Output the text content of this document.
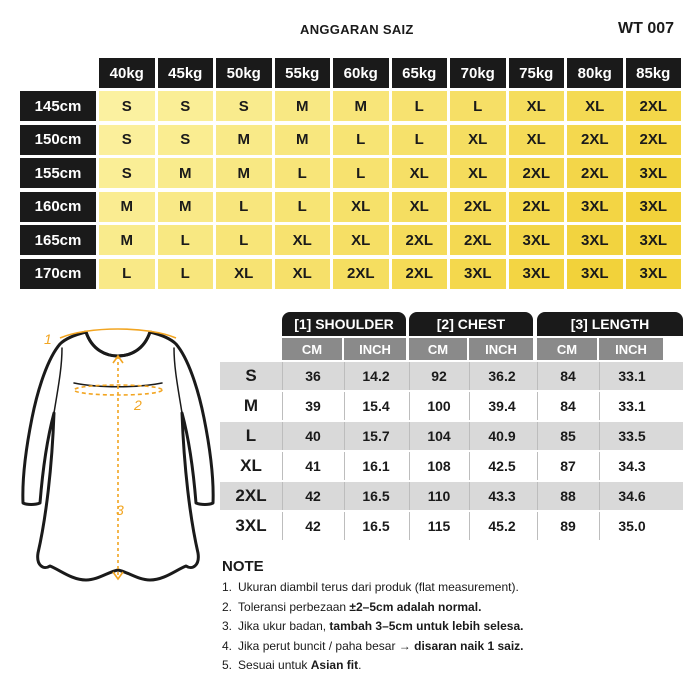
ANGGARAN SAIZ	WT 007
40kg	45kg	50kg	55kg	60kg	65kg	70kg	75kg	80kg	85kg
145cm	S	S	S	M	M	L	L	XL	XL	2XL
150cm	S	S	M	M	L	L	XL	XL	2XL	2XL
155cm	S	M	M	L	L	XL	XL	2XL	2XL	3XL
160cm	M	M	L	L	XL	XL	2XL	2XL	3XL	3XL
165cm	M	L	L	XL	XL	2XL	2XL	3XL	3XL	3XL
170cm	L	L	XL	XL	2XL	2XL	3XL	3XL	3XL	3XL
1
2
3
[1] SHOULDER	[2] CHEST	[3] LENGTH
CM	INCH	CM	INCH	CM	INCH
S	36	14.2	92	36.2	84	33.1
M	39	15.4	100	39.4	84	33.1
L	40	15.7	104	40.9	85	33.5
XL	41	16.1	108	42.5	87	34.3
2XL	42	16.5	110	43.3	88	34.6
3XL	42	16.5	115	45.2	89	35.0
NOTE
1. Ukuran diambil terus dari produk (flat measurement).
2. Toleransi perbezaan ±2–5cm adalah normal.
3. Jika ukur badan, tambah 3–5cm untuk lebih selesa.
4. Jika perut buncit / paha besar → disaran naik 1 saiz.
5. Sesuai untuk Asian fit.
